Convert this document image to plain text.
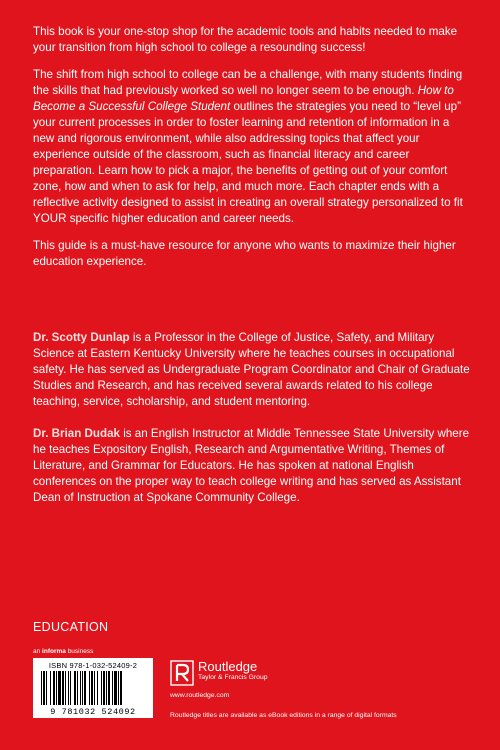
This book is your one-stop shop for the academic tools and habits needed to make your transition from high school to college a resounding success!

The shift from high school to college can be a challenge, with many students finding the skills that had previously worked so well no longer seem to be enough. How to Become a Successful College Student outlines the strategies you need to “level up” your current processes in order to foster learning and retention of information in a new and rigorous environment, while also addressing topics that affect your experience outside of the classroom, such as financial literacy and career preparation. Learn how to pick a major, the benefits of getting out of your comfort zone, how and when to ask for help, and much more. Each chapter ends with a reflective activity designed to assist in creating an overall strategy personalized to fit YOUR specific higher education and career needs.

This guide is a must-have resource for anyone who wants to maximize their higher education experience.

Dr. Scotty Dunlap is a Professor in the College of Justice, Safety, and Military Science at Eastern Kentucky University where he teaches courses in occupational safety. He has served as Undergraduate Program Coordinator and Chair of Graduate Studies and Research, and has received several awards related to his college teaching, service, scholarship, and student mentoring.

Dr. Brian Dudak is an English Instructor at Middle Tennessee State University where he teaches Expository English, Research and Argumentative Writing, Themes of Literature, and Grammar for Educators. He has spoken at national English conferences on the proper way to teach college writing and has served as Assistant Dean of Instruction at Spokane Community College.

EDUCATION
an informa business
ISBN 978-1-032-52409-2
9 781032 524092
Routledge
Taylor & Francis Group
www.routledge.com
Routledge titles are available as eBook editions in a range of digital formats
